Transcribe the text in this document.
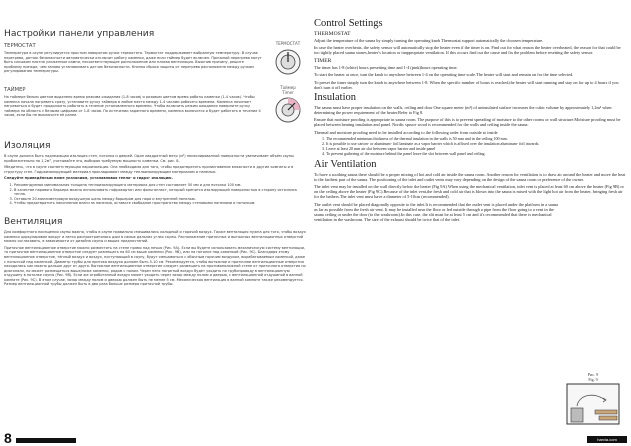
Настройки панели управления
ТЕРМОСТАТ

Температура в сауне регулируется простым поворотом ручки термостата. Термостат поддерживает выбранную температуру. В случае перегрева, датчик безопасности автоматически отключит работу каменки, даже если таймер будет включен. Причиной перегрева могут быть слишком плотно уложенные камни, несоответствующее расположение или плохая вентиляция. Выяснив причину, решите проблему прежде, чем заново устанавливать датчик безопасности. Кнопка сброса защиты от перегрева расположена между ручкам регулирования температуры.

ТЕРМОСТАТ
ТАЙМЕР

На таймере белым цветом выделено время режима ожидания (1-8 часов) и розовым цветом время работы каменки (1-4 часов). Чтобы каменка начала нагревать сразу, установите ручку таймера в любое место между 1-4 часами рабочего времени. Каменка начинает нагреваться и будет продолжать работать в течение установленного времени. Чтобы включить режим ожидания поверните ручку таймера на область с белыми цифрами от 1-8 часов. По истечении заданного времени, каменка включится и будет работать в течение 4 часов, если Вы не выключите её ранее.

Таймер
Timer
Изоляция

В сауне должна быть надлежащая изоляция стен, потолка и дверей. Один квадратный метр (м²) неизолированной поверхности увеличивает объём сауны приблизительно на 1,2м³, учитывайте это, выбирая требуемую мощность каменки. См. рис. 8.

Убедитесь, что в сауне соответствующая пароизоляция. Она необходима для того, чтобы предотвратить проникновение влажности в другие комнаты и в структуру стен. Гидроизолирующий материал прокладывают между теплоизолирующим материалом и панелью.

Следуйте приведённым ниже указаниям, устанавливая тепло- и гидро- изоляцию.

1. Рекомендуемая минимальная толщина теплоизолирующего материала для стен составляет 50 мм и для потолка 100 мм.
2. В качестве парового барьера можно использовать гофрокартон или фольгапласт, который крепится изолирующей поверхностью в сторону источника тепла.
3. Оставьте 20-миллиметровую воздушную щель между барьером для пара и внутренней панелью.
4. Чтобы предотвратить накопление влаги за панелью, оставьте свободное пространство между стеновыми панелями и потолком.
Вентиляция

Для комфортного посещения сауны важно, чтобы в сауне правильно смешивались холодный и горячий воздух. Также вентиляция нужна для того, чтобы воздух каменки циркулировал вокруг и легко распространялось дым в самых дальних углах сауны. Расположение приточных и вытяжных вентиляционных отверстий можно согласовать, в зависимости от дизайна сауны и ваших предпочтений.

Приточное вентиляционное отверстие можно разместить на стене прямо над печью (Рис. 9А). Если вы будете использовать механическую систему вентиляции, то приточное вентиляционное отверстие следует размещать на 60 см выше каменки (Рис. 9В), или на потолке над каменкой (Рис. 9С). Благодаря этому вентиляционное отверстие, тёплый воздух и воздух, поступающий в сауну, будут смешиваться с обычным горячим воздухом, вырабатываемым каменкой, даже с попыткой над каменкой. Диаметр трубы для притока воздуха должен быть 5-10 см. Рекомендуется, чтобы вытяжное и приточное вентиляционные отверстия находились как можно дальше друг от друга. Вытяжное вентиляционное отверстие следует размещать на противоположной стене от приточного отверстия по диагонали, но может размещаться выше/ниже каменки, рядом с полом. Через него нагретый воздух будет уходить по трубопроводу в вентиляционную отдушину в потолке сауны (Рис. 9В). Если же отработанный воздух может уходить через зазор между полом и дверью, с вентиляционной отдушиной в ванной комнате (Рис. 9С). В этом случае, зазор между полом и дверью должен быть не менее 5 см. Механическая вентиляция в ванной комнате также рекомендуется. Размер вентиляционной трубы должен быть в два раза больше размера приточной трубы.

Control Settings
THERMOSTAT

Adjust the temperature of the sauna by simply turning the operating knob Thermostat support automatically the choosen temperature.

In case the heater overheats, the safety sensor will automatically stop the heater even if the timer is on. Find out for what reason the heater overheated, the reason for that could be too tightly placed sauna stones,heater's location or inappropriate ventilation. If this occurs find out the cause and fix the problem before resetting the safety sensor.

TIMER

The timer has 1-8 (white) hours presetting time and 1-4 (pink)hours operating time.

To start the heater at once, turn the knob to anywhere between 1-4 on the operating time scale.The heater will start and remain on for the time selected.

To preset the timer simply turn the knob to anywhere between 1-8. When the specific number of hours is reached,the heater will start running and stay on for up to 4 hours if you don't turn it off earlier.

Insulation

The sauna must have proper insulation on the walls, ceiling and door One square meter (m²) of uninsulated surface increases the cubic volume by approximately 1,2m³ when determining the power requirement of the heater.Refer to Fig 8.

Ensure that moisture proofing is appropriate in sauna room. The purpose of this is to prevent spreading of moisture to the other rooms or wall structure.Moisture proofing must be placed between heating insulation and panel. Nordic spruce wood is recommended for the walls and ceiling inside the sauna.

Thermal and moisture proofing need to be installed according to the following order from outside to inside

1. The recommended minimum thickness of the thermal insulation in the walls is 50 mm and in the ceiling 100 mm.
2. It is possible to use carton- or aluminum- foil laminate as a vapor barrier which is affixed over the insulation aluminum- foil inwards.
3. Leave at least 20 mm air slot between vapor barrier and inside panel
4. To prevent gathering of the moisture behind the panel leave the slot between wall panel and ceiling.
Air Ventilation

To have a soothing sauna there should be a proper mixing of hot and cold air inside the sauna room. Another reason for ventilation is to draw air around the heater and move the heat to the farthest part of the sauna. The positioning of the inlet and outlet vents may vary depending on the design of the sauna room or preference of the owner.

The inlet vent may be installed on the wall directly below the heater (Fig 9A) When using the mechanical ventilation, inlet vent is placed at least 60 cm above the heater (Fig 9B) or on the ceiling above the heater (Fig 9C).Because of the inlet vent,the fresh and cold air that is blown into the sauna is mixed with the light hot air from the heater, bringing fresh air for the bathers.The inlet vent must have a diameter of 5-10cm (recommended).

The outlet vent should be placed diagonally opposite to the inlet.It is recommended that the outlet vent is placed under the platform in a sauna as far as possible from the fresh air vent. It may be installed near the floor or led outside through a pipe from the floor going to a vent in the sauna ceiling or under the door (to the washroom).In this case, the slit must be at least 5 cm and it's recommended that there is mechanical ventilation in the washroom. The size of the exhaust should be twice that of the inlet.

Рис. 9
Fig. 9
8	harvia.com
